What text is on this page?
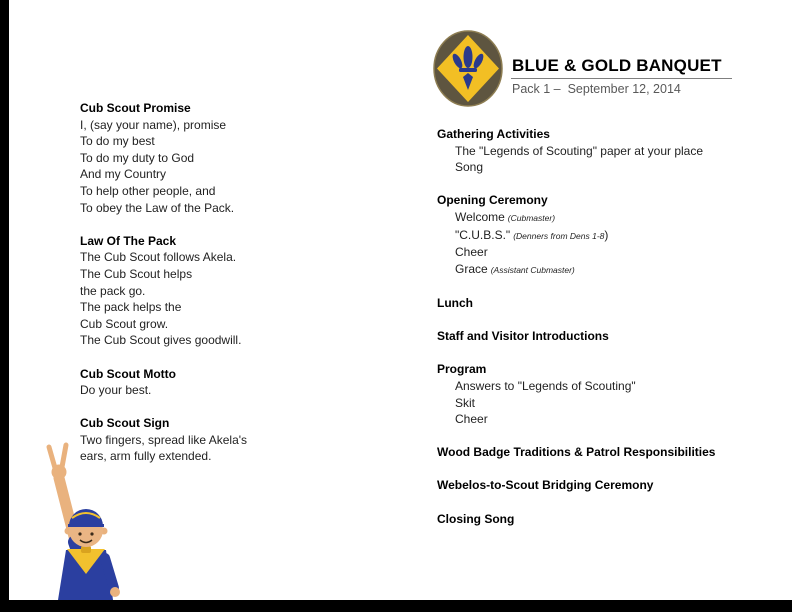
BLUE & GOLD BANQUET
Pack 1 –  September 12, 2014
Cub Scout Promise
I, (say your name), promise
To do my best
To do my duty to God
And my Country
To help other people, and
To obey the Law of the Pack.
Law Of The Pack
The Cub Scout follows Akela.
The Cub Scout helps
the pack go.
The pack helps the
Cub Scout grow.
The Cub Scout gives goodwill.
Cub Scout Motto
Do your best.
Cub Scout Sign
Two fingers, spread like Akela's
ears, arm fully extended.
Gathering Activities
The "Legends of Scouting" paper at your place
Song
Opening Ceremony
Welcome (Cubmaster)
"C.U.B.S." (Denners from Dens 1-8)
Cheer
Grace (Assistant Cubmaster)
Lunch
Staff and Visitor Introductions
Program
Answers to "Legends of Scouting"
Skit
Cheer
Wood Badge Traditions & Patrol Responsibilities
Webelos-to-Scout Bridging Ceremony
Closing Song
